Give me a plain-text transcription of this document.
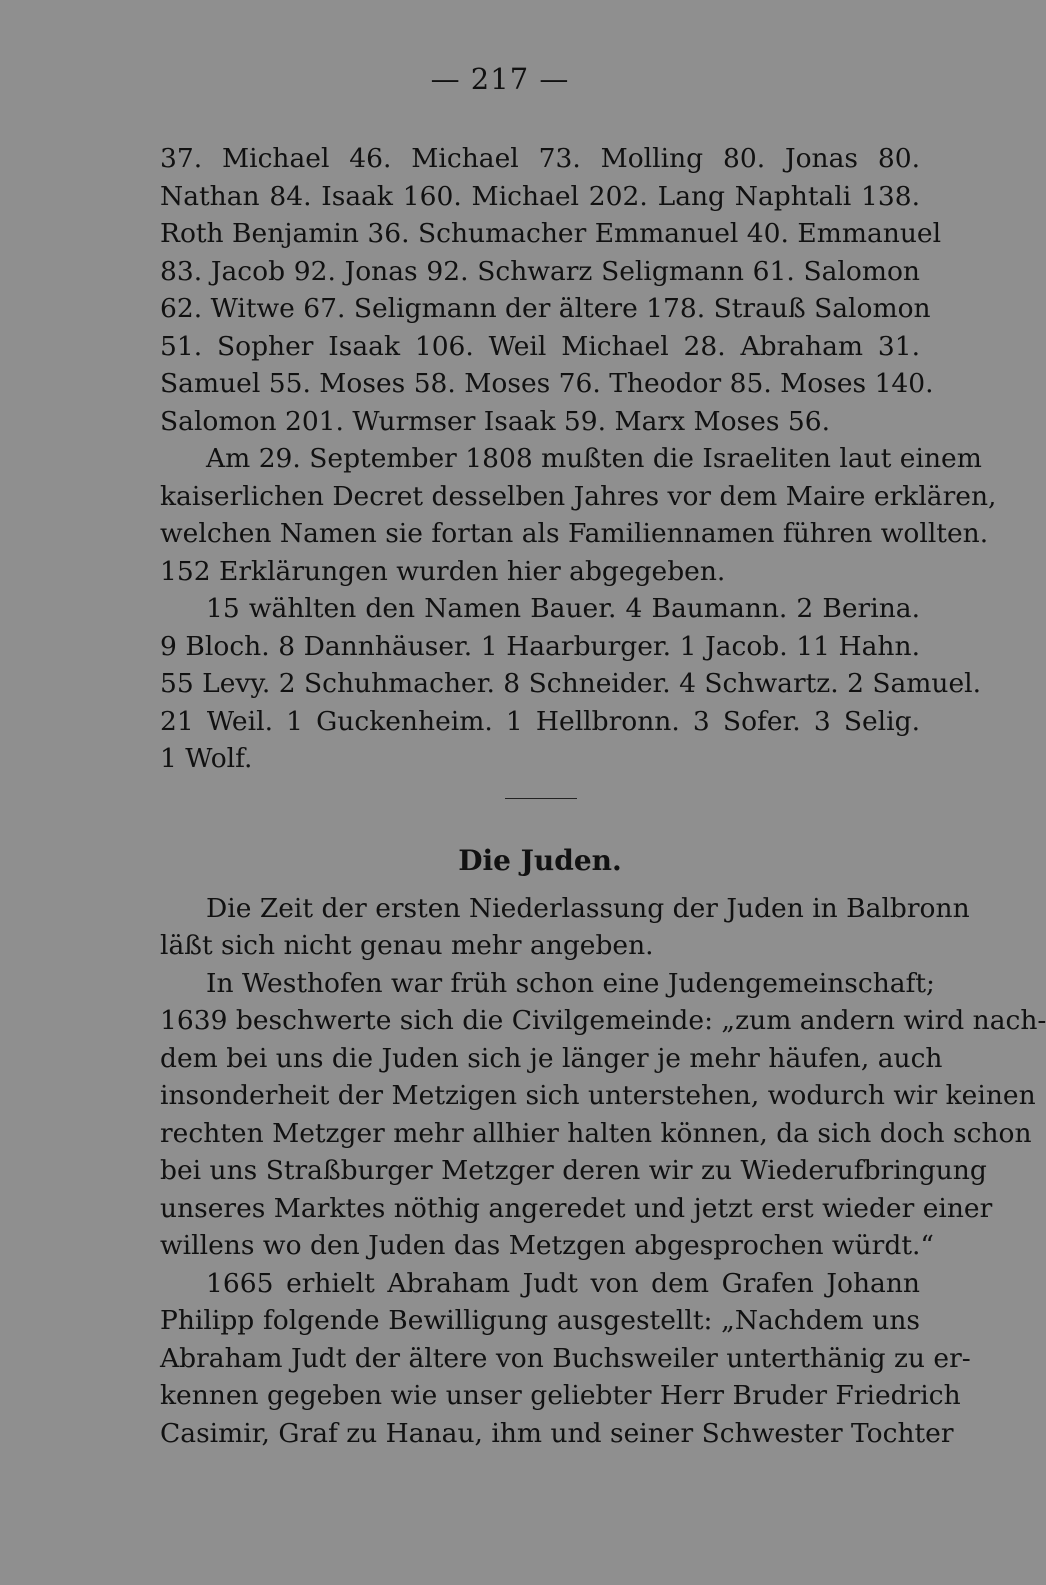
— 217 —
37. Michael 46. Michael 73. Molling 80. Jonas 80.
Nathan 84. Isaak 160. Michael 202. Lang Naphtali 138.
Roth Benjamin 36. Schumacher Emmanuel 40. Emmanuel
83. Jacob 92. Jonas 92. Schwarz Seligmann 61. Salomon
62. Witwe 67. Seligmann der ältere 178. Strauß Salomon
51. Sopher Isaak 106. Weil Michael 28. Abraham 31.
Samuel 55. Moses 58. Moses 76. Theodor 85. Moses 140.
Salomon 201. Wurmser Isaak 59. Marx Moses 56.
Am 29. September 1808 mußten die Israeliten laut einem
kaiserlichen Decret desselben Jahres vor dem Maire erklären,
welchen Namen sie fortan als Familiennamen führen wollten.
152 Erklärungen wurden hier abgegeben.
15 wählten den Namen Bauer. 4 Baumann. 2 Berina.
9 Bloch. 8 Dannhäuser. 1 Haarburger. 1 Jacob. 11 Hahn.
55 Levy. 2 Schuhmacher. 8 Schneider. 4 Schwartz. 2 Samuel.
21 Weil. 1 Guckenheim. 1 Hellbronn. 3 Sofer. 3 Selig.
1 Wolf.
Die Juden.
Die Zeit der ersten Niederlassung der Juden in Balbronn
läßt sich nicht genau mehr angeben.
In Westhofen war früh schon eine Judengemeinschaft;
1639 beschwerte sich die Civilgemeinde: „zum andern wird nach-
dem bei uns die Juden sich je länger je mehr häufen, auch
insonderheit der Metzigen sich unterstehen, wodurch wir keinen
rechten Metzger mehr allhier halten können, da sich doch schon
bei uns Straßburger Metzger deren wir zu Wiederufbringung
unseres Marktes nöthig angeredet und jetzt erst wieder einer
willens wo den Juden das Metzgen abgesprochen würdt.“
1665 erhielt Abraham Judt von dem Grafen Johann
Philipp folgende Bewilligung ausgestellt: „Nachdem uns
Abraham Judt der ältere von Buchsweiler unterthänig zu er-
kennen gegeben wie unser geliebter Herr Bruder Friedrich
Casimir, Graf zu Hanau, ihm und seiner Schwester Tochter
